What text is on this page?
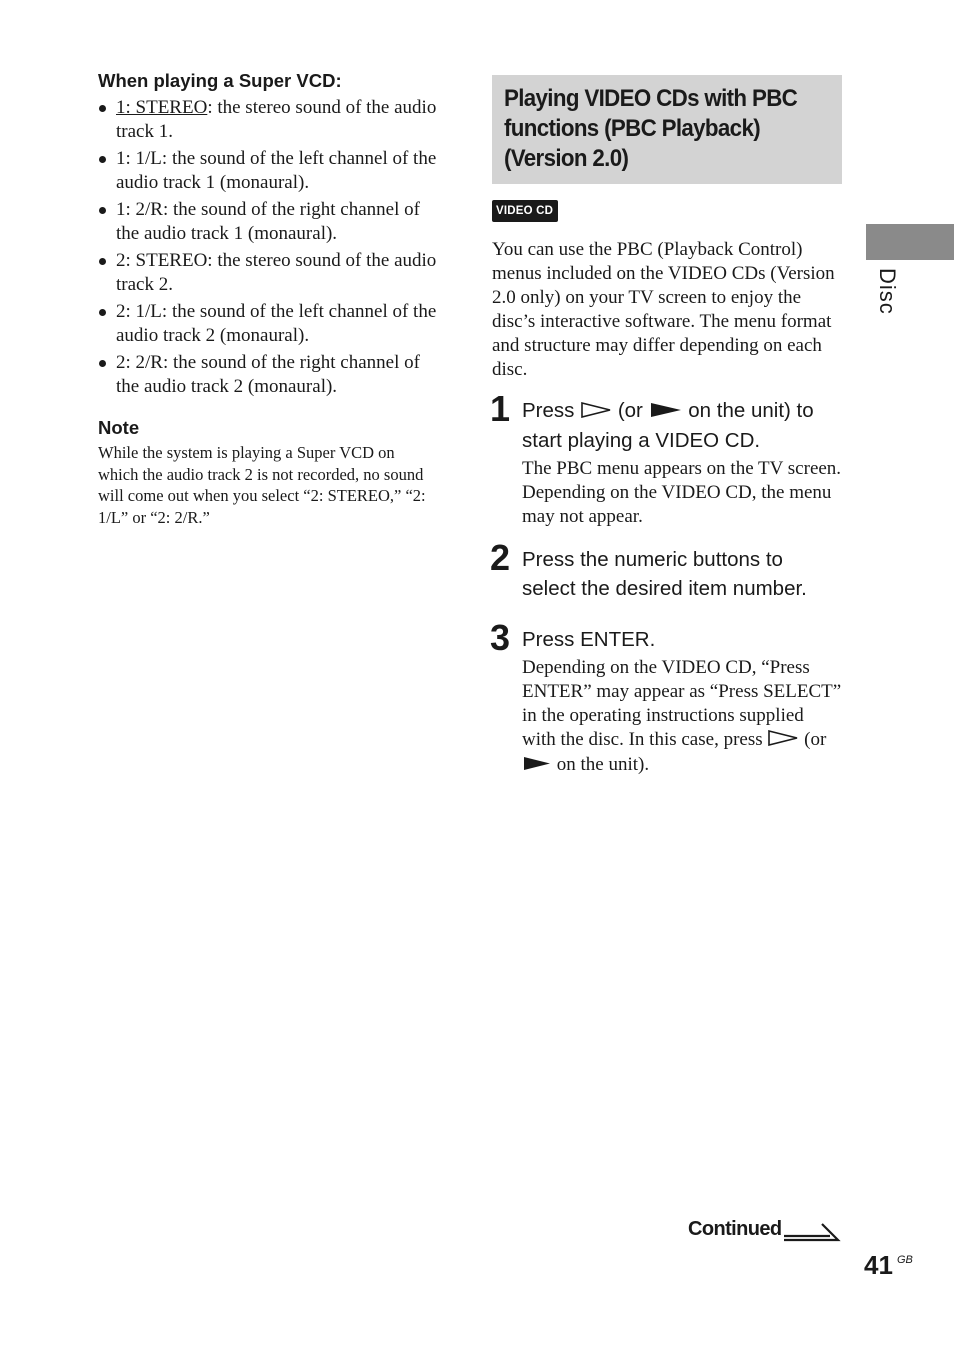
When playing a Super VCD:

1: STEREO: the stereo sound of the audio track 1.
1: 1/L: the sound of the left channel of the audio track 1 (monaural).
1: 2/R: the sound of the right channel of the audio track 1 (monaural).
2: STEREO: the stereo sound of the audio track 2.
2: 1/L: the sound of the left channel of the audio track 2 (monaural).
2: 2/R: the sound of the right channel of the audio track 2 (monaural).

Note

While the system is playing a Super VCD on which the audio track 2 is not recorded, no sound will come out when you select “2: STEREO,” “2: 1/L” or “2: 2/R.”

Playing VIDEO CDs with PBC functions (PBC Playback) (Version 2.0)
VIDEO CD

You can use the PBC (Playback Control) menus included on the VIDEO CDs (Version 2.0 only) on your TV screen to enjoy the disc’s interactive software. The menu format and structure may differ depending on each disc.

1 Press (or on the unit) to start playing a VIDEO CD.

The PBC menu appears on the TV screen. Depending on the VIDEO CD, the menu may not appear.

2 Press the numeric buttons to select the desired item number.

3 Press ENTER.

Depending on the VIDEO CD, “Press ENTER” may appear as “Press SELECT” in the operating instructions supplied with the disc. In this case, press (or  on the unit).

Disc
Continued
41 GB
